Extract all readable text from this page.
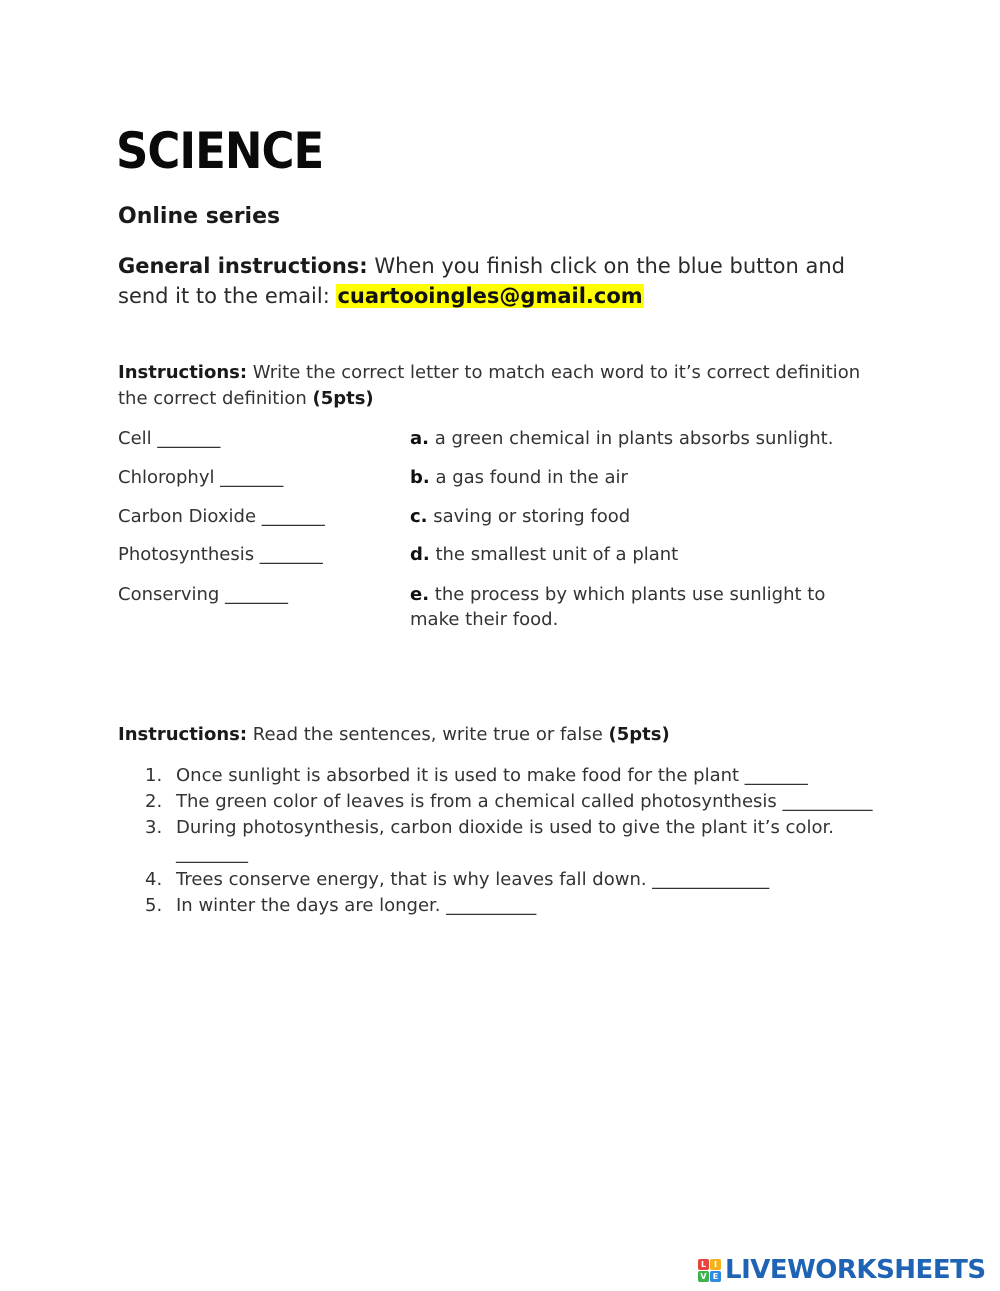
SCIENCE
Online series

General instructions: When you finish click on the blue button and send it to the email: cuartooingles@gmail.com

Instructions: Write the correct letter to match each word to it’s correct definition the correct definition (5pts)

Cell _______	a. a green chemical in plants absorbs sunlight.
Chlorophyl _______	b. a gas found in the air
Carbon Dioxide _______	c. saving or storing food
Photosynthesis _______	d. the smallest unit of a plant
Conserving _______	e. the process by which plants use sunlight to make their food.

Instructions: Read the sentences, write true or false (5pts)

1. Once sunlight is absorbed it is used to make food for the plant _______
2. The green color of leaves is from a chemical called photosynthesis __________
3. During photosynthesis, carbon dioxide is used to give the plant it’s color. ________
4. Trees conserve energy, that is why leaves fall down. _____________
5. In winter the days are longer. __________
L I
V E LIVEWORKSHEETS
